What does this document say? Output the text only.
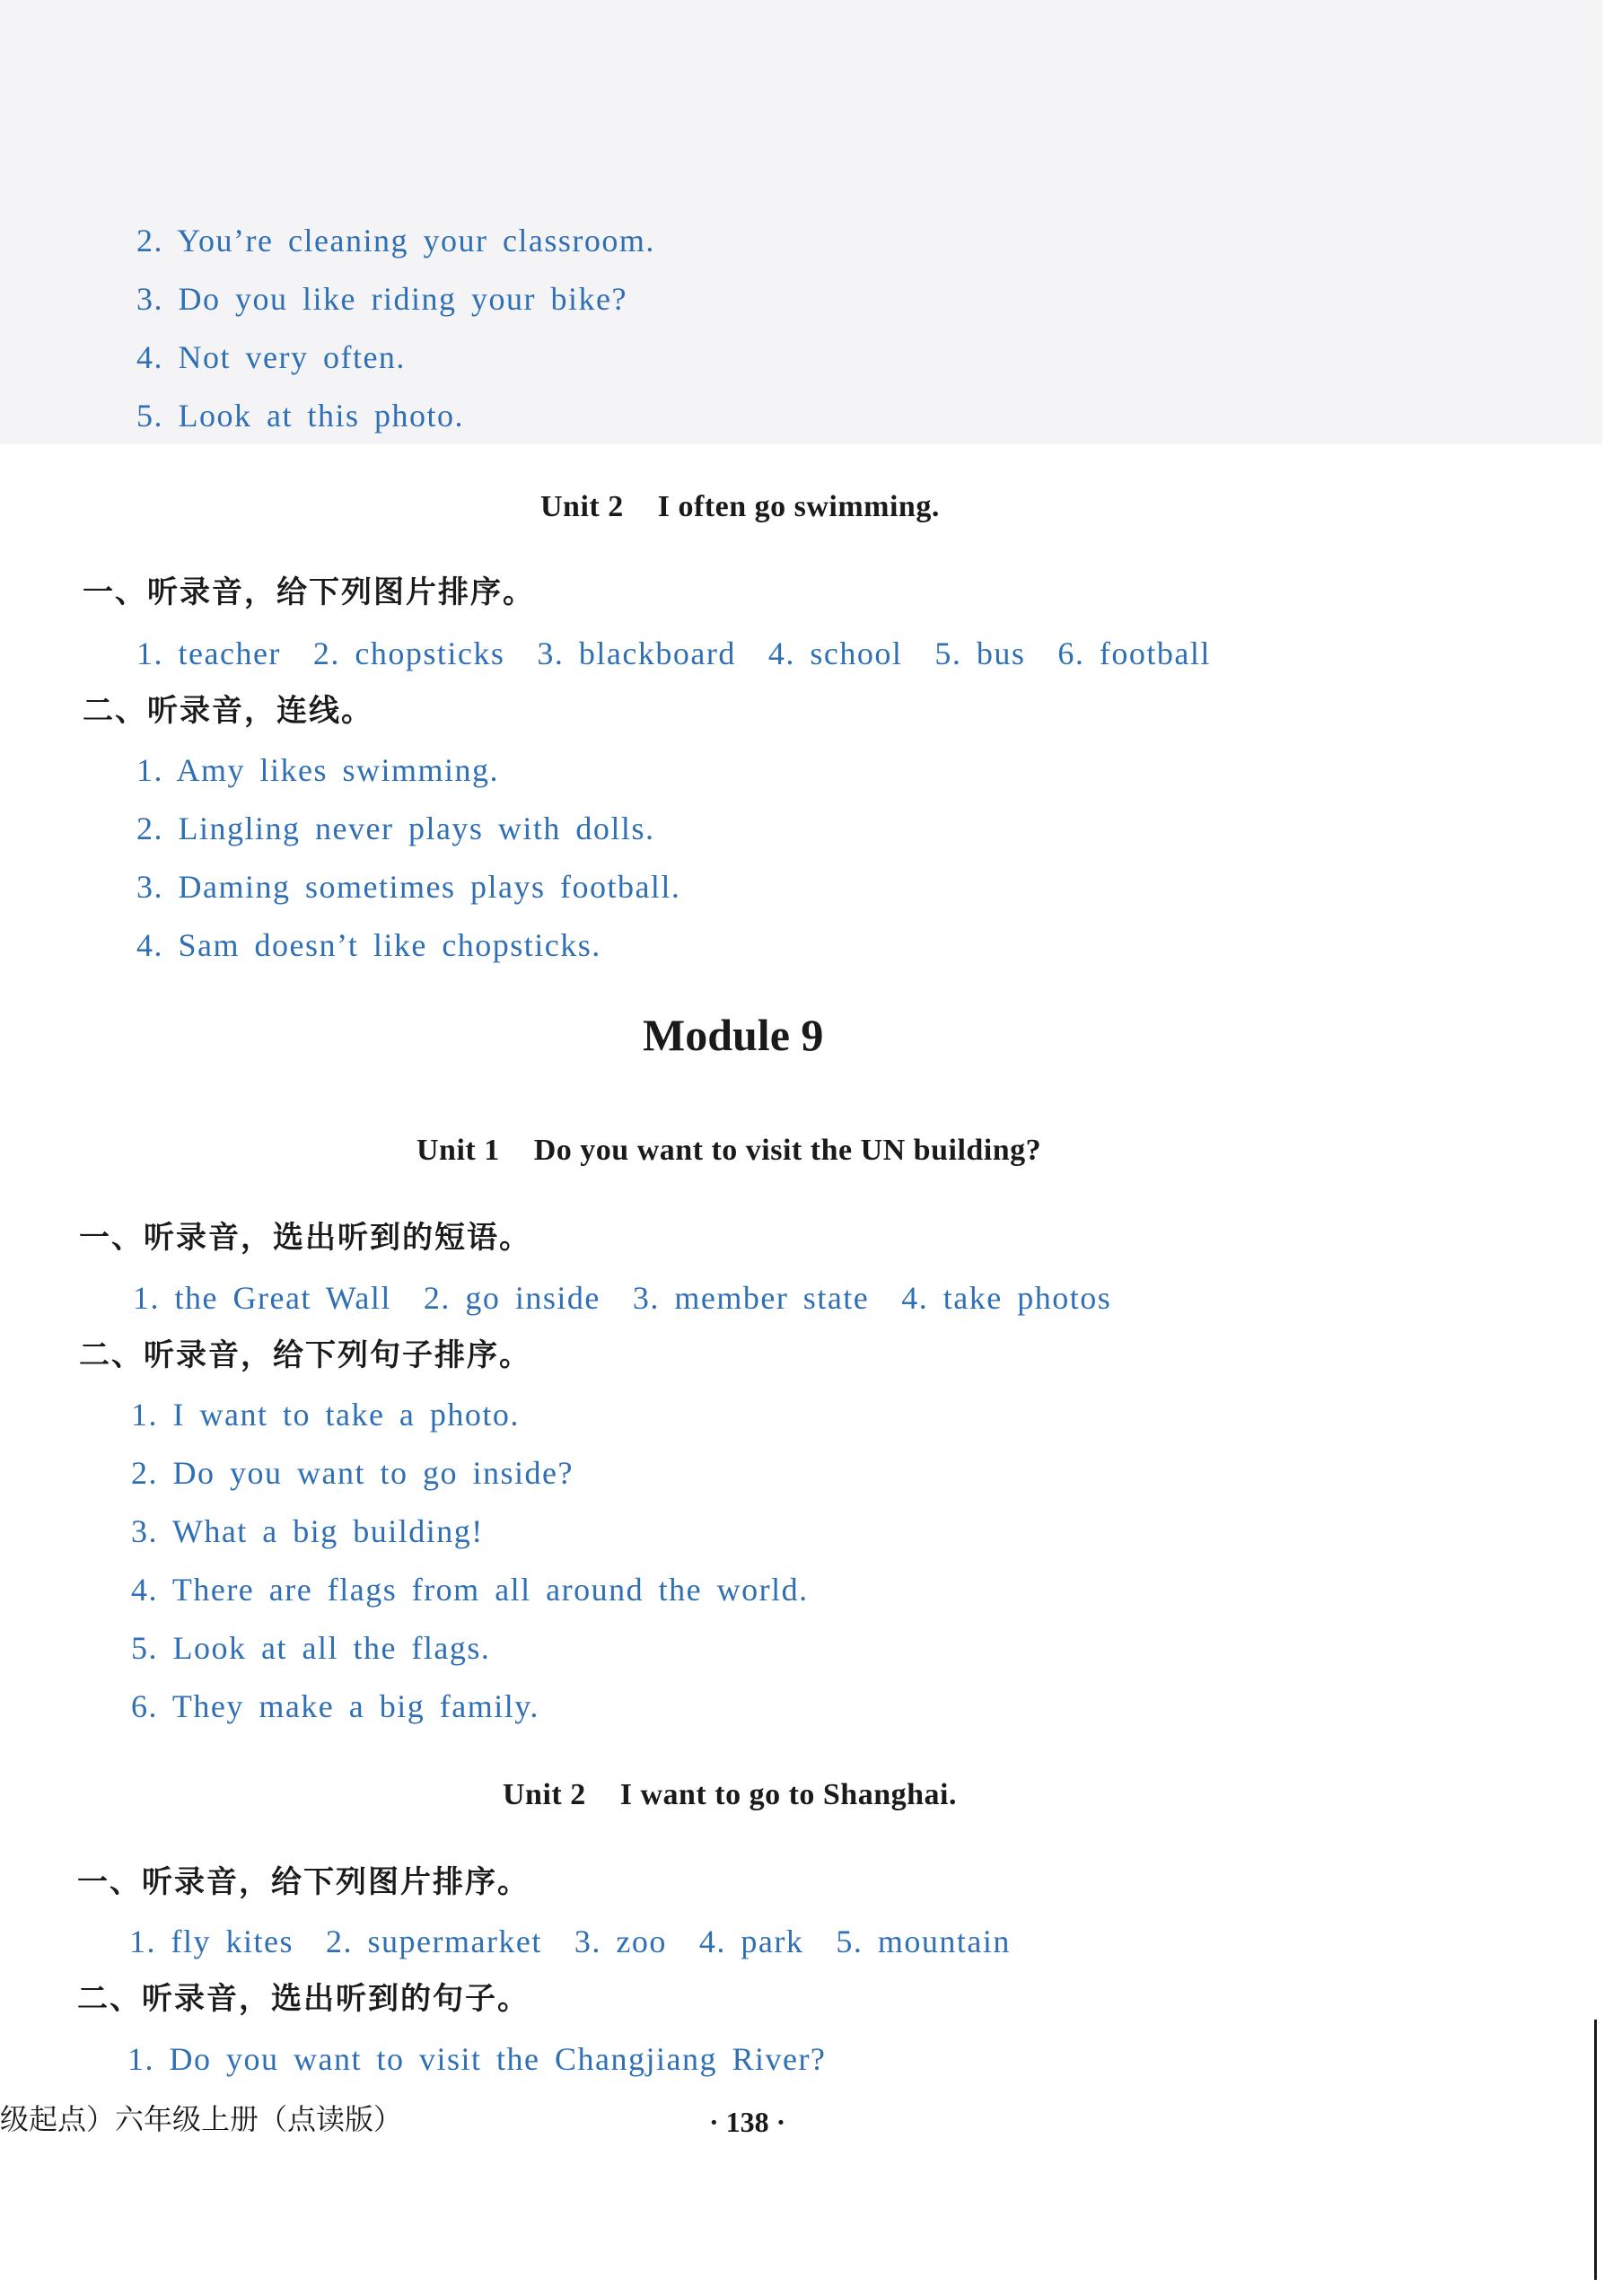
2. You’re cleaning your classroom.
3. Do you like riding your bike?
4. Not very often.
5. Look at this photo.
Unit 2 I often go swimming.
一、听录音，给下列图片排序。
1. teacher 2. chopsticks 3. blackboard 4. school 5. bus 6. football
二、听录音，连线。
1. Amy likes swimming.
2. Lingling never plays with dolls.
3. Daming sometimes plays football.
4. Sam doesn’t like chopsticks.
Module 9
Unit 1 Do you want to visit the UN building?
一、听录音，选出听到的短语。
1. the Great Wall 2. go inside 3. member state 4. take photos
二、听录音，给下列句子排序。
1. I want to take a photo.
2. Do you want to go inside?
3. What a big building!
4. There are flags from all around the world.
5. Look at all the flags.
6. They make a big family.
Unit 2 I want to go to Shanghai.
一、听录音，给下列图片排序。
1. fly kites 2. supermarket 3. zoo 4. park 5. mountain
二、听录音，选出听到的句子。
1. Do you want to visit the Changjiang River?
级起点）六年级上册（点读版）	· 138 ·
